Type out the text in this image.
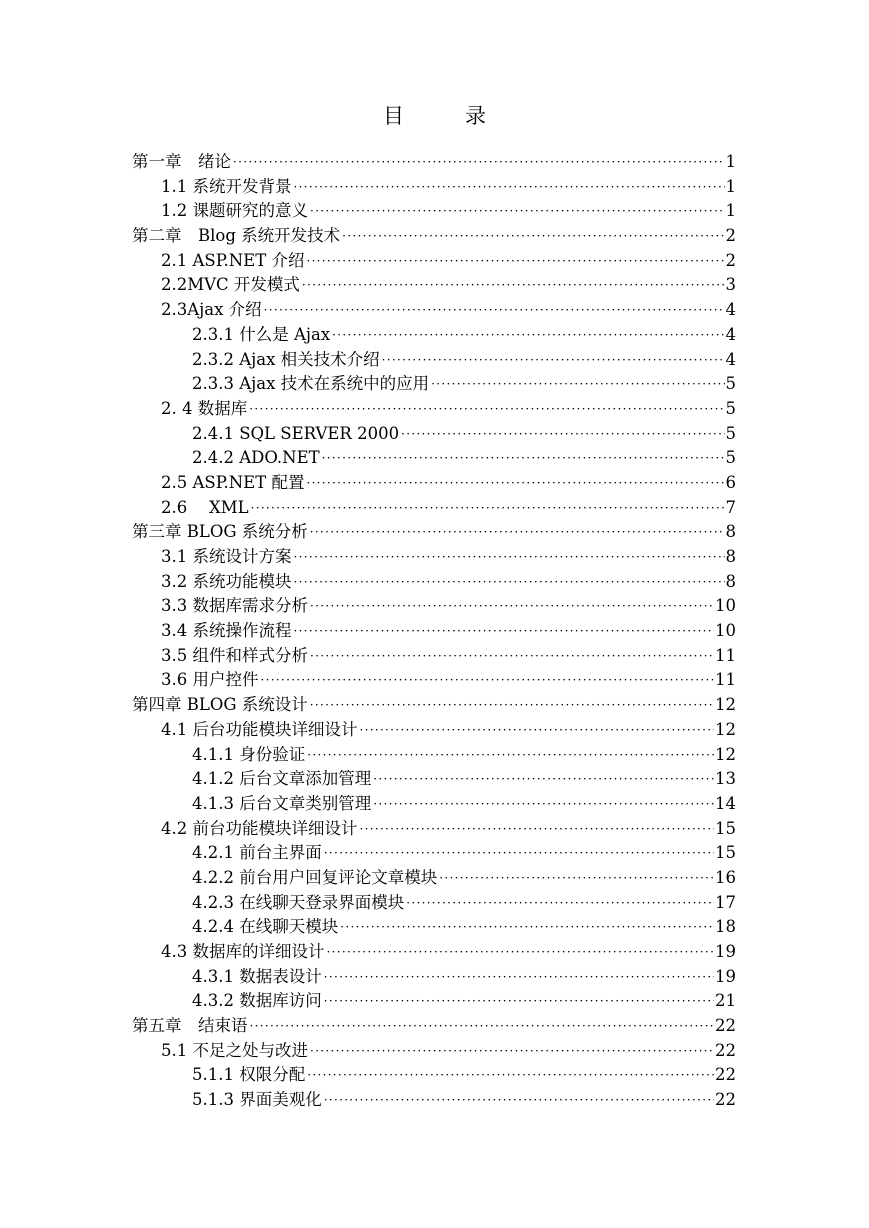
目　录
第一章　绪论 ·····	1
1.1 系统开发背景 ·····	1
1.2 课题研究的意义 ·····	1
第二章　Blog 系统开发技术 ·····	2
2.1 ASP.NET 介绍 ·····	2
2.2MVC 开发模式 ·····	3
2.3Ajax 介绍 ·····	4
2.3.1 什么是 Ajax ·····	4
2.3.2 Ajax 相关技术介绍 ·····	4
2.3.3 Ajax 技术在系统中的应用 ·····	5
2. 4 数据库 ·····	5
2.4.1 SQL SERVER 2000 ·····	5
2.4.2 ADO.NET ·····	5
2.5 ASP.NET 配置 ·····	6
2.6　 XML ·····	7
第三章 BLOG 系统分析 ·····	8
3.1 系统设计方案 ·····	8
3.2 系统功能模块 ·····	8
3.3 数据库需求分析 ·····	10
3.4 系统操作流程 ·····	10
3.5 组件和样式分析 ·····	11
3.6 用户控件 ·····	11
第四章 BLOG 系统设计 ·····	12
4.1 后台功能模块详细设计 ·····	12
4.1.1 身份验证 ·····	12
4.1.2 后台文章添加管理 ·····	13
4.1.3 后台文章类别管理 ·····	14
4.2 前台功能模块详细设计 ·····	15
4.2.1 前台主界面 ·····	15
4.2.2 前台用户回复评论文章模块 ·····	16
4.2.3 在线聊天登录界面模块 ·····	17
4.2.4 在线聊天模块 ·····	18
4.3 数据库的详细设计 ·····	19
4.3.1 数据表设计 ·····	19
4.3.2 数据库访问 ·····	21
第五章　结束语 ·····	22
5.1 不足之处与改进 ·····	22
5.1.1 权限分配 ·····	22
5.1.3 界面美观化 ·····	22
